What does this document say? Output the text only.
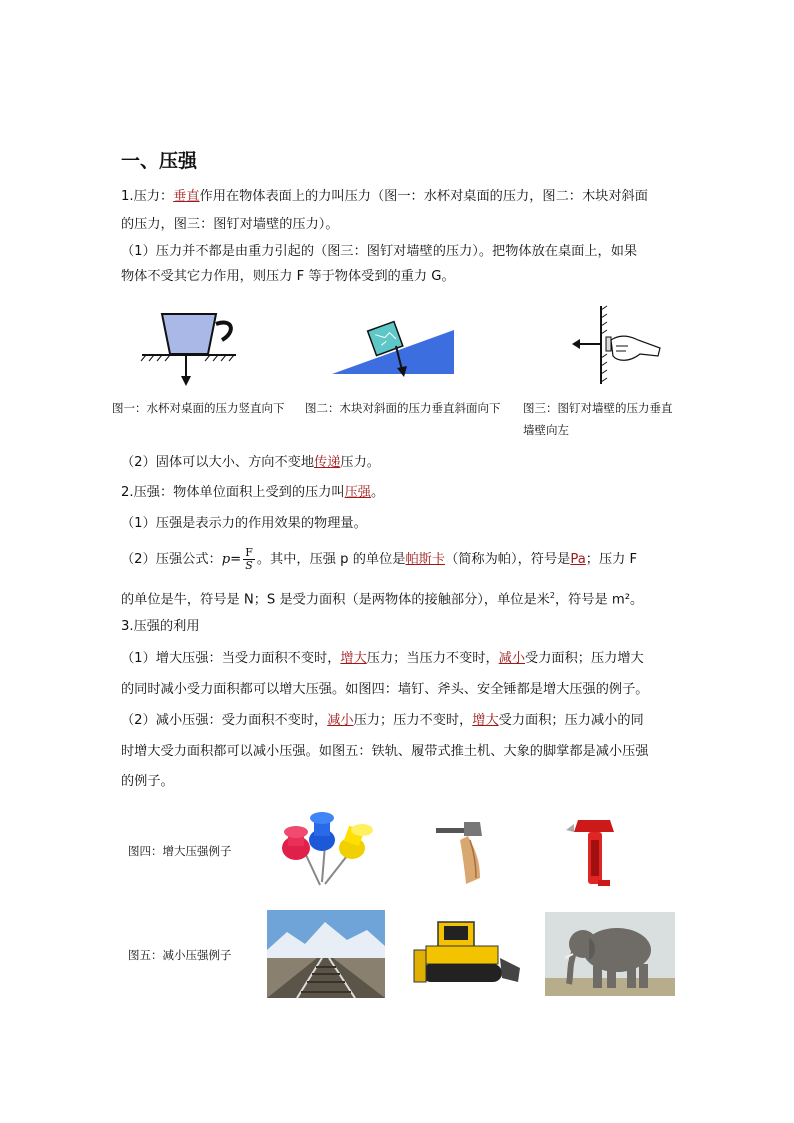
一、压强
1.压力：垂直作用在物体表面上的力叫压力（图一：水杯对桌面的压力，图二：木块对斜面
的压力，图三：图钉对墙壁的压力）。
（1）压力并不都是由重力引起的（图三：图钉对墙壁的压力）。把物体放在桌面上，如果
物体不受其它力作用，则压力 F 等于物体受到的重力 G。
图一：水杯对桌面的压力竖直向下 图二：木块对斜面的压力垂直斜面向下 图三：图钉对墙壁的压力垂直
墙壁向左
（2）固体可以大小、方向不变地传递压力。
2.压强：物体单位面积上受到的压力叫压强。
（1）压强是表示力的作用效果的物理量。
（2）压强公式：$p= \frac{F}{S}$ 。其中，压强 p 的单位是帕斯卡（简称为帕），符号是Pa；压力 F
的单位是牛，符号是 N；S 是受力面积（是两物体的接触部分），单位是米$^2$，符号是 m²。
3.压强的利用
（1）增大压强：当受力面积不变时，增大压力；当压力不变时，减小受力面积；压力增大
的同时减小受力面积都可以增大压强。如图四：墙钉、斧头、安全锤都是增大压强的例子。
（2）减小压强：受力面积不变时，减小压力；压力不变时，增大受力面积；压力减小的同
时增大受力面积都可以减小压强。如图五：铁轨、履带式推土机、大象的脚掌都是减小压强
的例子。
图四：增大压强例子
图五：减小压强例子
